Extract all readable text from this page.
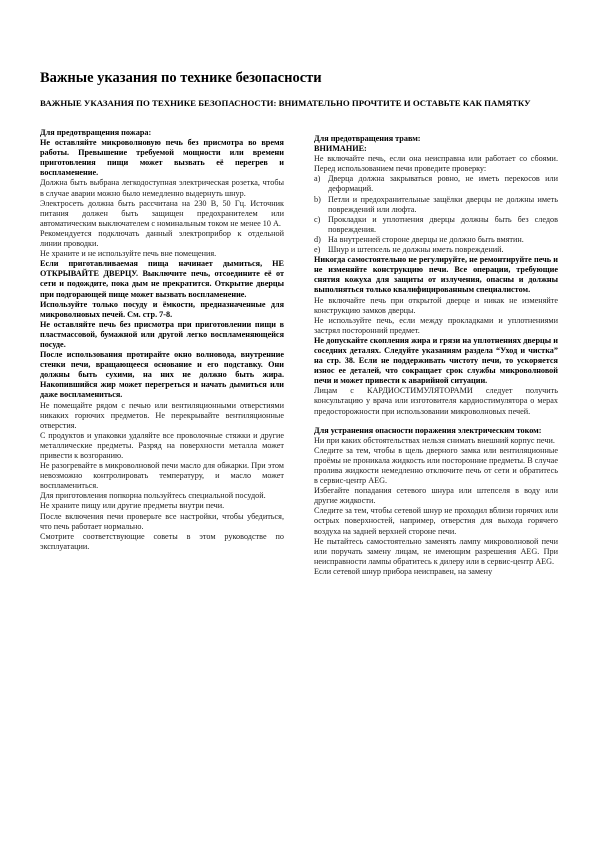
Важные указания по технике безопасности
ВАЖНЫЕ УКАЗАНИЯ ПО ТЕХНИКЕ БЕЗОПАСНОСТИ: ВНИМАТЕЛЬНО ПРОЧТИТЕ И ОСТАВЬТЕ КАК ПАМЯТКУ

Для предотвращения пожара:

Не оставляйте микроволновую печь без присмотра во время работы. Превышение требуемой мощности или времени приготовления пищи может вызвать её перегрев и воспламенение.

Должна быть выбрана легкодоступная электрическая розетка, чтобы в случае аварии можно было немедленно выдернуть шнур.

Электросеть должна быть рассчитана на 230 В, 50 Гц. Источник питания должен быть защищен предохранителем или автоматическим выключателем с номинальным током не менее 10 А.

Рекомендуется подключать данный электроприбор к отдельной линии проводки.

Не храните и не используйте печь вне помещения.

Если приготавливаемая пища начинает дымиться, НЕ ОТКРЫВАЙТЕ ДВЕРЦУ. Выключите печь, отсоедините её от сети и подождите, пока дым не прекратится. Открытие дверцы при подгорающей пище может вызвать воспламенение.

Используйте только посуду и ёмкости, предназначенные для микроволновых печей. См. стр. 7-8.

Не оставляйте печь без присмотра при приготовлении пищи в пластмассовой, бумажной или другой легко воспламеняющейся посуде.

После использования протирайте окно волновода, внутренние стенки печи, вращающееся основание и его подставку. Они должны быть сухими, на них не должно быть жира. Накопившийся жир может перегреться и начать дымиться или даже воспламениться.

Не помещайте рядом с печью или вентиляционными отверстиями никаких горючих предметов. Не перекрывайте вентиляционные отверстия.

С продуктов и упаковки удаляйте все проволочные стяжки и другие металлические предметы. Разряд на поверхности металла может привести к возгоранию.

Не разогревайте в микроволновой печи масло для обжарки. При этом невозможно контролировать температуру, и масло может воспламениться.

Для приготовления попкорна пользуйтесь специальной посудой.

Не храните пищу или другие предметы внутри печи.

После включения печи проверьте все настройки, чтобы убедиться, что печь работает нормально.

Смотрите соответствующие советы в этом руководстве по эксплуатации.

Для предотвращения травм:

ВНИМАНИЕ:

Не включайте печь, если она неисправна или работает со сбоями. Перед использованием печи проведите проверку:

a) Дверца должна закрываться ровно, не иметь перекосов или деформаций.
b) Петли и предохранительные защёлки дверцы не должны иметь повреждений или люфта.
c) Прокладки и уплотнения дверцы должны быть без следов повреждения.
d) На внутренней стороне дверцы не должно быть вмятин.
e) Шнур и штепсель не должны иметь повреждений.

Никогда самостоятельно не регулируйте, не ремонтируйте печь и не изменяйте конструкцию печи. Все операции, требующие снятия кожуха для защиты от излучения, опасны и должны выполняться только квалифицированным специалистом.

Не включайте печь при открытой дверце и никак не изменяйте конструкцию замков дверцы.

Не используйте печь, если между прокладками и уплотнениями застрял посторонний предмет.

Не допускайте скопления жира и грязи на уплотнениях дверцы и соседних деталях. Следуйте указаниям раздела “Уход и чистка” на стр. 38. Если не поддерживать чистоту печи, то ускоряется износ ее деталей, что сокращает срок службы микроволновой печи и может привести к аварийной ситуации.

Лицам с КАРДИОСТИМУЛЯТОРАМИ следует получить консультацию у врача или изготовителя кардиостимулятора о мерах предосторожности при использовании микроволновых печей.

Для устранения опасности поражения электрическим током:

Ни при каких обстоятельствах нельзя снимать внешний корпус печи.

Следите за тем, чтобы в щель дверного замка или вентиляционные проёмы не проникала жидкость или посторонние предметы. В случае пролива жидкости немедленно отключите печь от сети и обратитесь в сервис-центр AEG.

Избегайте попадания сетевого шнура или штепселя в воду или другие жидкости.

Следите за тем, чтобы сетевой шнур не проходил вблизи горячих или острых поверхностей, например, отверстия для выхода горячего воздуха на задней верхней стороне печи.

Не пытайтесь самостоятельно заменять лампу микроволновой печи или поручать замену лицам, не имеющим разрешения AEG. При неисправности лампы обратитесь к дилеру или в сервис-центр AEG.

Если сетевой шнур прибора неисправен, на замену
